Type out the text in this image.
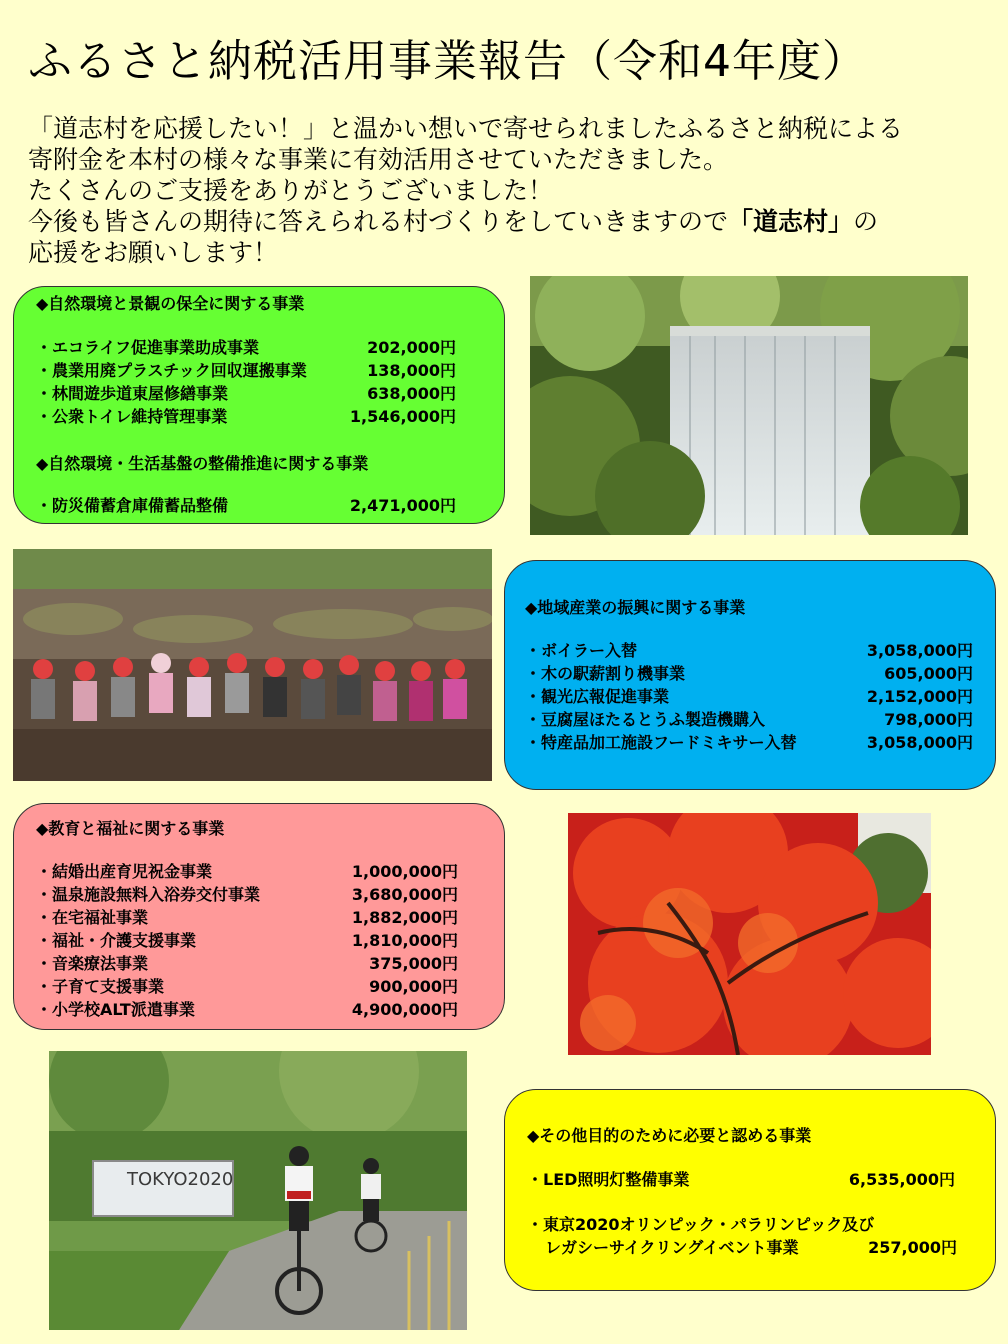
ふるさと納税活用事業報告（令和4年度）
「道志村を応援したい！」と温かい想いで寄せられましたふるさと納税による
寄附金を本村の様々な事業に有効活用させていただきました。
たくさんのご支援をありがとうございました！
今後も皆さんの期待に答えられる村づくりをしていきますので「道志村」の
応援をお願いします！
◆自然環境と景観の保全に関する事業
・エコライフ促進事業助成事業	202,000円
・農業用廃プラスチック回収運搬事業	138,000円
・林間遊歩道東屋修繕事業	638,000円
・公衆トイレ維持管理事業	1,546,000円
◆自然環境・生活基盤の整備推進に関する事業
・防災備蓄倉庫備蓄品整備	2,471,000円
◆地域産業の振興に関する事業
・ボイラー入替	3,058,000円
・木の駅薪割り機事業	605,000円
・観光広報促進事業	2,152,000円
・豆腐屋ほたるとうふ製造機購入	798,000円
・特産品加工施設フードミキサー入替	3,058,000円
◆教育と福祉に関する事業
・結婚出産育児祝金事業	1,000,000円
・温泉施設無料入浴券交付事業	3,680,000円
・在宅福祉事業	1,882,000円
・福祉・介護支援事業	1,810,000円
・音楽療法事業	375,000円
・子育て支援事業	900,000円
・小学校ALT派遣事業	4,900,000円
TOKYO2020
◆その他目的のために必要と認める事業
・LED照明灯整備事業	6,535,000円
・東京2020オリンピック・パラリンピック及び
レガシーサイクリングイベント事業	257,000円
